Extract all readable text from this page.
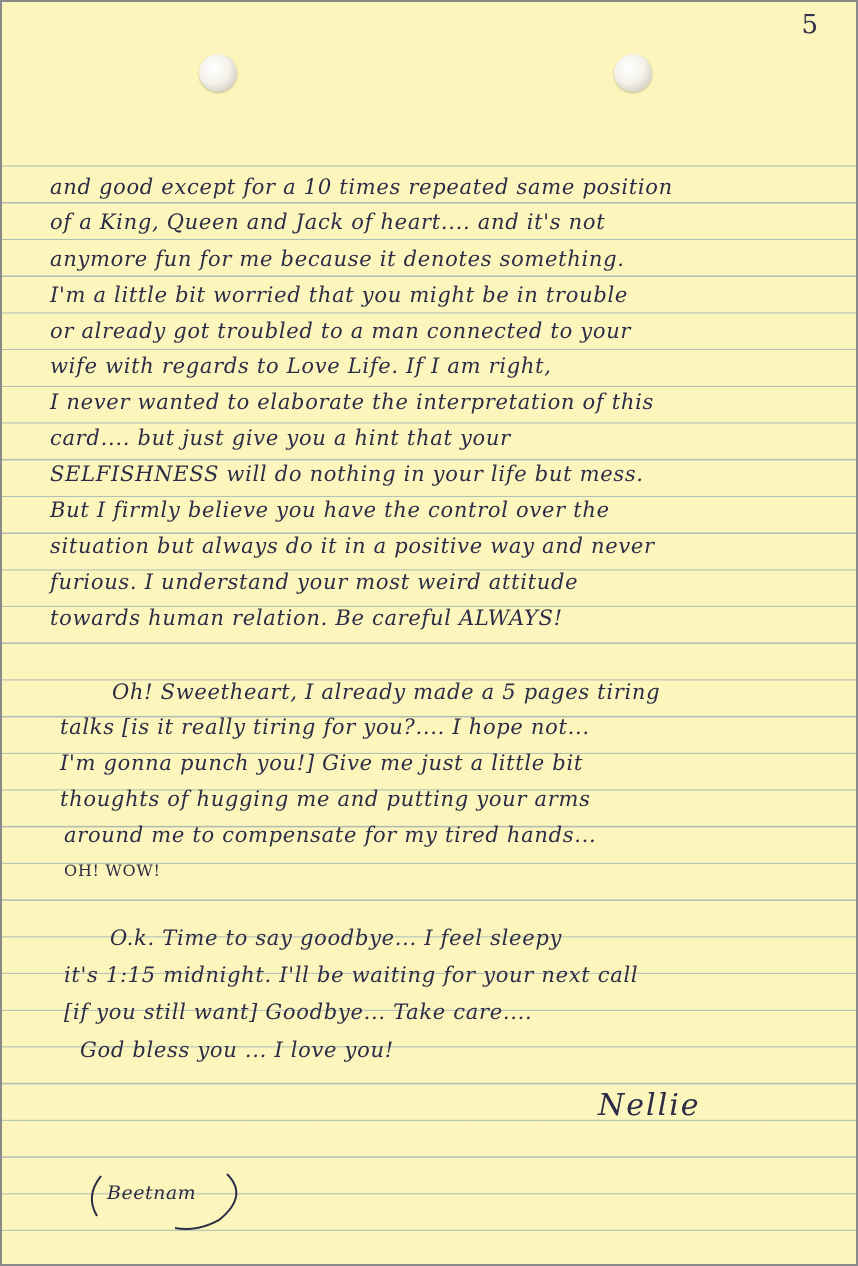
5
and good except for a 10 times repeated same position
of a King, Queen and Jack of heart.... and it's not
anymore fun for me because it denotes something.
I'm a little bit worried that you might be in trouble
or already got troubled to a man connected to your
wife with regards to Love Life. If I am right,
I never wanted to elaborate the interpretation of this
card.... but just give you a hint that your
SELFISHNESS will do nothing in your life but mess.
But I firmly believe you have the control over the
situation but always do it in a positive way and never
furious. I understand your most weird attitude
towards human relation. Be careful ALWAYS!
Oh! Sweetheart, I already made a 5 pages tiring
talks [is it really tiring for you?.... I hope not...
I'm gonna punch you!] Give me just a little bit
thoughts of hugging me and putting your arms
around me to compensate for my tired hands...
OH! WOW!
O.k. Time to say goodbye... I feel sleepy
it's 1:15 midnight. I'll be waiting for your next call
[if you still want] Goodbye... Take care....
God bless you ... I love you!
Nellie
Beetnam
